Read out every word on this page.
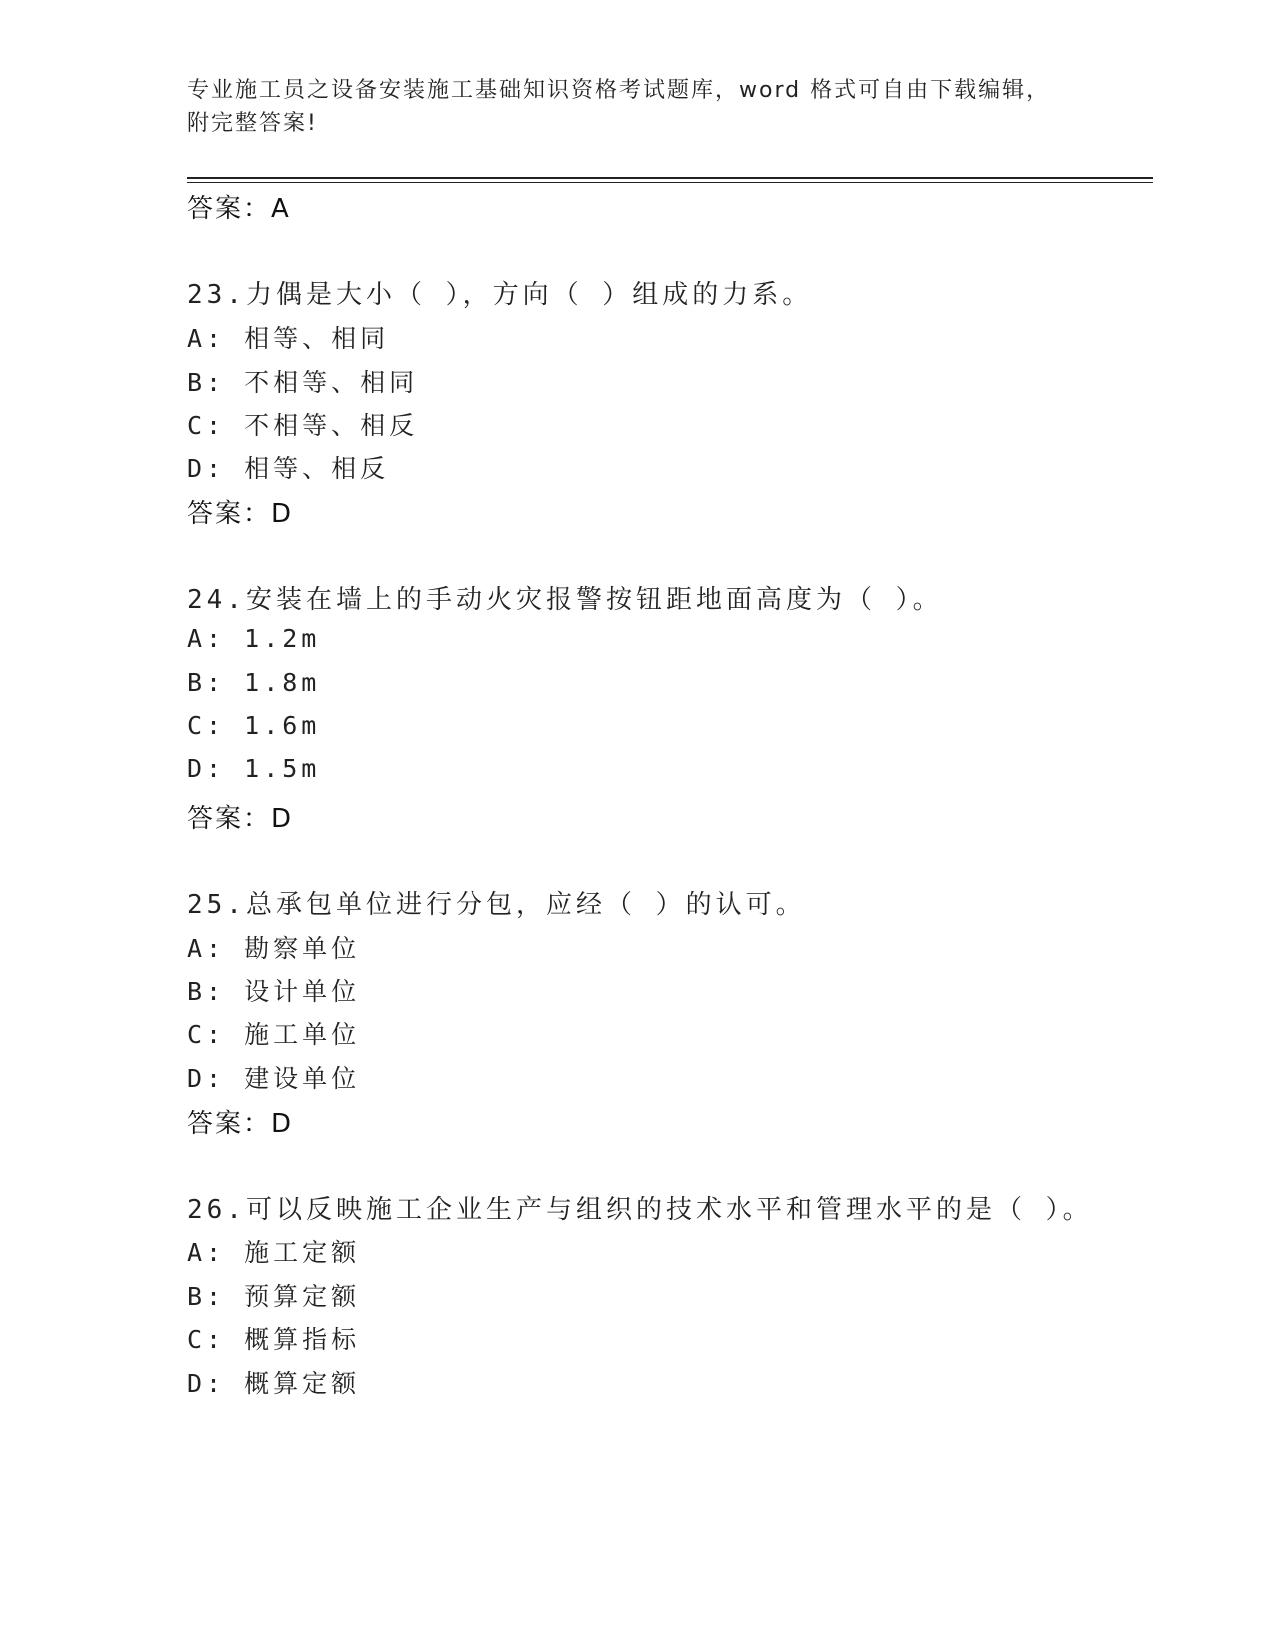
专业施工员之设备安装施工基础知识资格考试题库，word 格式可自由下载编辑，
附完整答案!
答案：A
23.力偶是大小（ ），方向（ ）组成的力系。
A: 相等、相同
B: 不相等、相同
C: 不相等、相反
D: 相等、相反
答案：D
24.安装在墙上的手动火灾报警按钮距地面高度为（ ）。
A: 1.2m
B: 1.8m
C: 1.6m
D: 1.5m
答案：D
25.总承包单位进行分包，应经（ ）的认可。
A: 勘察单位
B: 设计单位
C: 施工单位
D: 建设单位
答案：D
26.可以反映施工企业生产与组织的技术水平和管理水平的是（ ）。
A: 施工定额
B: 预算定额
C: 概算指标
D: 概算定额
